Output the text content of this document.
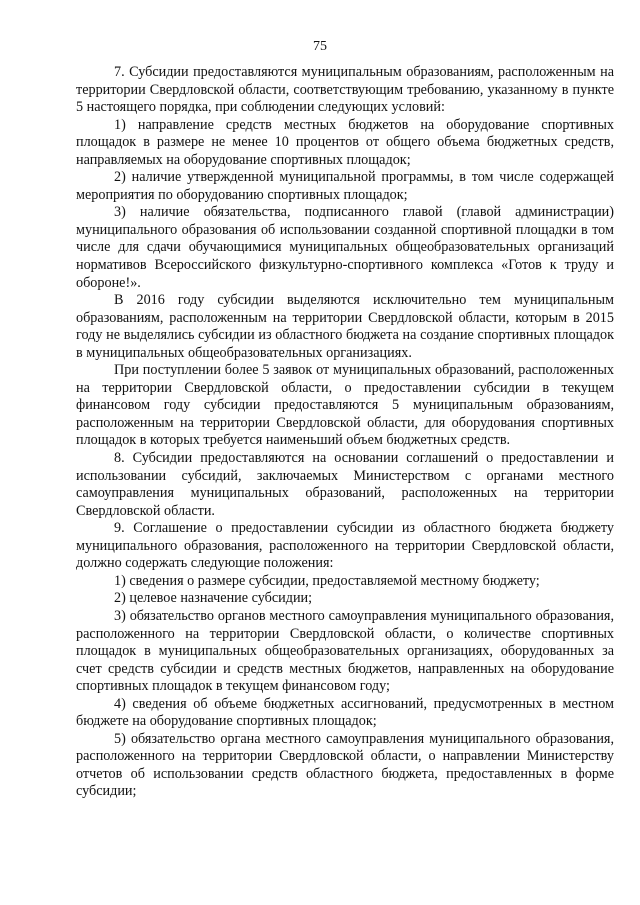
75

7. Субсидии предоставляются муниципальным образованиям, расположенным на территории Свердловской области, соответствующим требованию, указанному в пункте 5 настоящего порядка, при соблюдении следующих условий:

1) направление средств местных бюджетов на оборудование спортивных площадок в размере не менее 10 процентов от общего объема бюджетных средств, направляемых на оборудование спортивных площадок;

2) наличие утвержденной муниципальной программы, в том числе содержащей мероприятия по оборудованию спортивных площадок;

3) наличие обязательства, подписанного главой (главой администрации) муниципального образования об использовании созданной спортивной площадки в том числе для сдачи обучающимися муниципальных общеобразовательных организаций нормативов Всероссийского физкультурно-спортивного комплекса «Готов к труду и обороне!».

В 2016 году субсидии выделяются исключительно тем муниципальным образованиям, расположенным на территории Свердловской области, которым в 2015 году не выделялись субсидии из областного бюджета на создание спортивных площадок в муниципальных общеобразовательных организациях.

При поступлении более 5 заявок от муниципальных образований, расположенных на территории Свердловской области, о предоставлении субсидии в текущем финансовом году субсидии предоставляются 5 муниципальным образованиям, расположенным на территории Свердловской области, для оборудования спортивных площадок в которых требуется наименьший объем бюджетных средств.

8. Субсидии предоставляются на основании соглашений о предоставлении и использовании субсидий, заключаемых Министерством с органами местного самоуправления муниципальных образований, расположенных на территории Свердловской области.

9. Соглашение о предоставлении субсидии из областного бюджета бюджету муниципального образования, расположенного на территории Свердловской области, должно содержать следующие положения:

1) сведения о размере субсидии, предоставляемой местному бюджету;

2) целевое назначение субсидии;

3) обязательство органов местного самоуправления муниципального образования, расположенного на территории Свердловской области, о количестве спортивных площадок в муниципальных общеобразовательных организациях, оборудованных за счет средств субсидии и средств местных бюджетов, направленных на оборудование спортивных площадок в текущем финансовом году;

4) сведения об объеме бюджетных ассигнований, предусмотренных в местном бюджете на оборудование спортивных площадок;

5) обязательство органа местного самоуправления муниципального образования, расположенного на территории Свердловской области, о направлении Министерству отчетов об использовании средств областного бюджета, предоставленных в форме субсидии;
